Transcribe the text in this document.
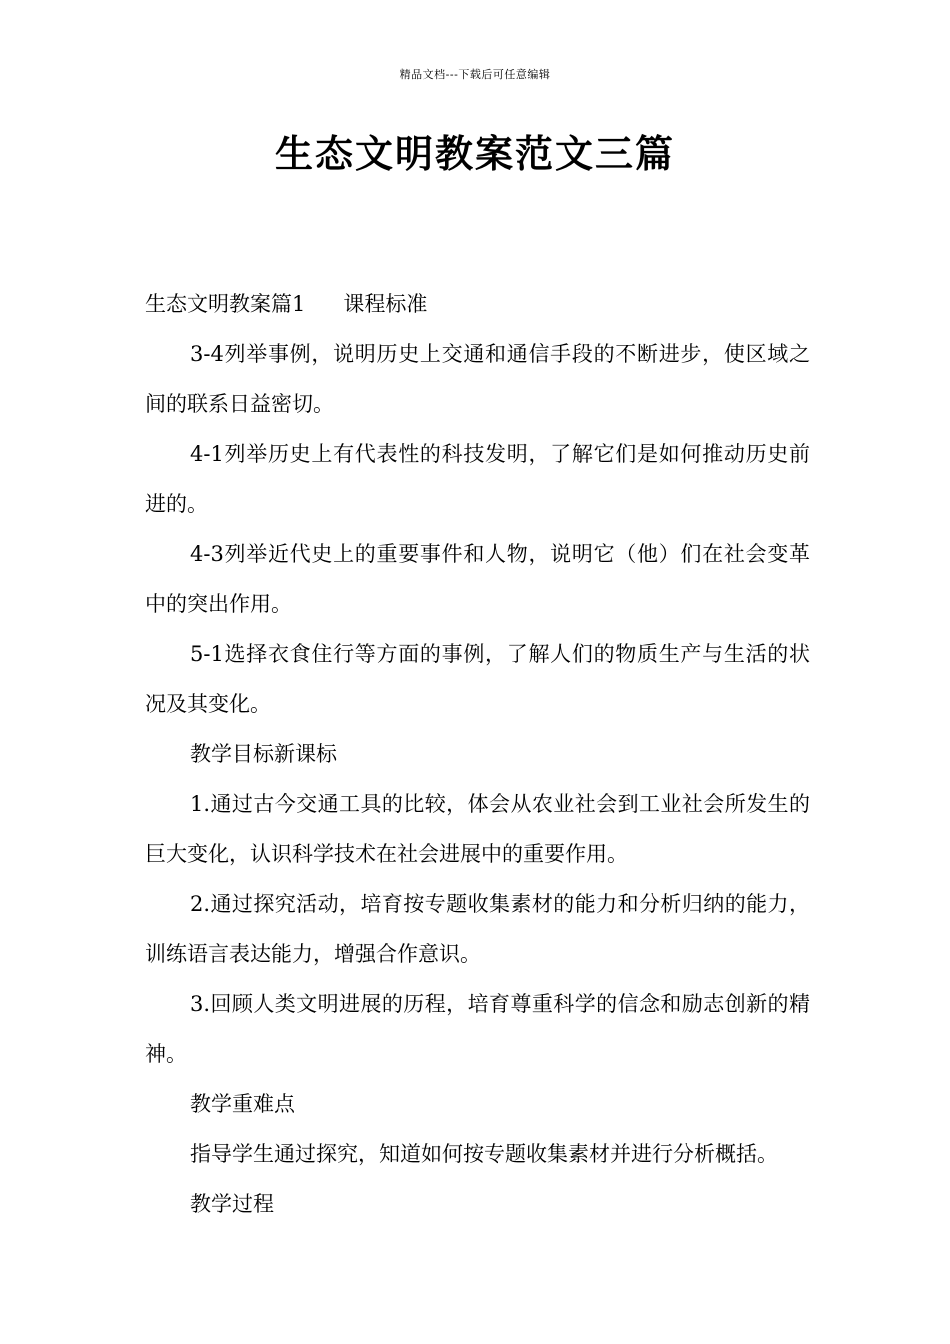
精品文档---下载后可任意编辑
生态文明教案范文三篇

生态文明教案篇1 课程标准

3-4列举事例，说明历史上交通和通信手段的不断进步，使区域之间的联系日益密切。

4-1列举历史上有代表性的科技发明，了解它们是如何推动历史前进的。

4-3列举近代史上的重要事件和人物，说明它（他）们在社会变革中的突出作用。

5-1选择衣食住行等方面的事例，了解人们的物质生产与生活的状况及其变化。

教学目标新课标

1.通过古今交通工具的比较，体会从农业社会到工业社会所发生的巨大变化，认识科学技术在社会进展中的重要作用。

2.通过探究活动，培育按专题收集素材的能力和分析归纳的能力，训练语言表达能力，增强合作意识。

3.回顾人类文明进展的历程，培育尊重科学的信念和励志创新的精神。

教学重难点

指导学生通过探究，知道如何按专题收集素材并进行分析概括。

教学过程
